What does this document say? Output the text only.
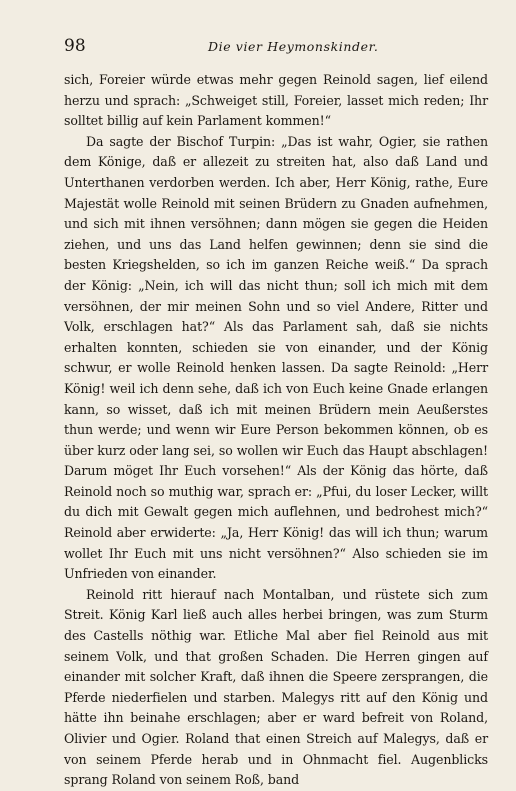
98	Die vier Heymonskinder.

sich, Foreier würde etwas mehr gegen Reinold sagen, lief eilend herzu und sprach: „Schweiget still, Foreier, lasset mich reden; Ihr solltet billig auf kein Parlament kommen!“

Da sagte der Bischof Turpin: „Das ist wahr, Ogier, sie rathen dem Könige, daß er allezeit zu streiten hat, also daß Land und Unterthanen verdorben werden. Ich aber, Herr König, rathe, Eure Majestät wolle Reinold mit seinen Brüdern zu Gnaden aufnehmen, und sich mit ihnen versöhnen; dann mögen sie gegen die Heiden ziehen, und uns das Land helfen gewinnen; denn sie sind die besten Kriegshelden, so ich im ganzen Reiche weiß.“ Da sprach der König: „Nein, ich will das nicht thun; soll ich mich mit dem versöhnen, der mir meinen Sohn und so viel Andere, Ritter und Volk, erschlagen hat?“ Als das Parlament sah, daß sie nichts erhalten konnten, schieden sie von einander, und der König schwur, er wolle Reinold henken lassen. Da sagte Reinold: „Herr König! weil ich denn sehe, daß ich von Euch keine Gnade erlangen kann, so wisset, daß ich mit meinen Brüdern mein Aeußerstes thun werde; und wenn wir Eure Person bekommen können, ob es über kurz oder lang sei, so wollen wir Euch das Haupt abschlagen! Darum möget Ihr Euch vorsehen!“ Als der König das hörte, daß Reinold noch so muthig war, sprach er: „Pfui, du loser Lecker, willt du dich mit Gewalt gegen mich auflehnen, und bedrohest mich?“ Reinold aber erwiderte: „Ja, Herr König! das will ich thun; warum wollet Ihr Euch mit uns nicht versöhnen?“ Also schieden sie im Unfrieden von einander.

Reinold ritt hierauf nach Montalban, und rüstete sich zum Streit. König Karl ließ auch alles herbei bringen, was zum Sturm des Castells nöthig war. Etliche Mal aber fiel Reinold aus mit seinem Volk, und that großen Schaden. Die Herren gingen auf einander mit solcher Kraft, daß ihnen die Speere zersprangen, die Pferde niederfielen und starben. Malegys ritt auf den König und hätte ihn beinahe erschlagen; aber er ward befreit von Roland, Olivier und Ogier. Roland that einen Streich auf Malegys, daß er von seinem Pferde herab und in Ohnmacht fiel. Augenblicks sprang Roland von seinem Roß, band
